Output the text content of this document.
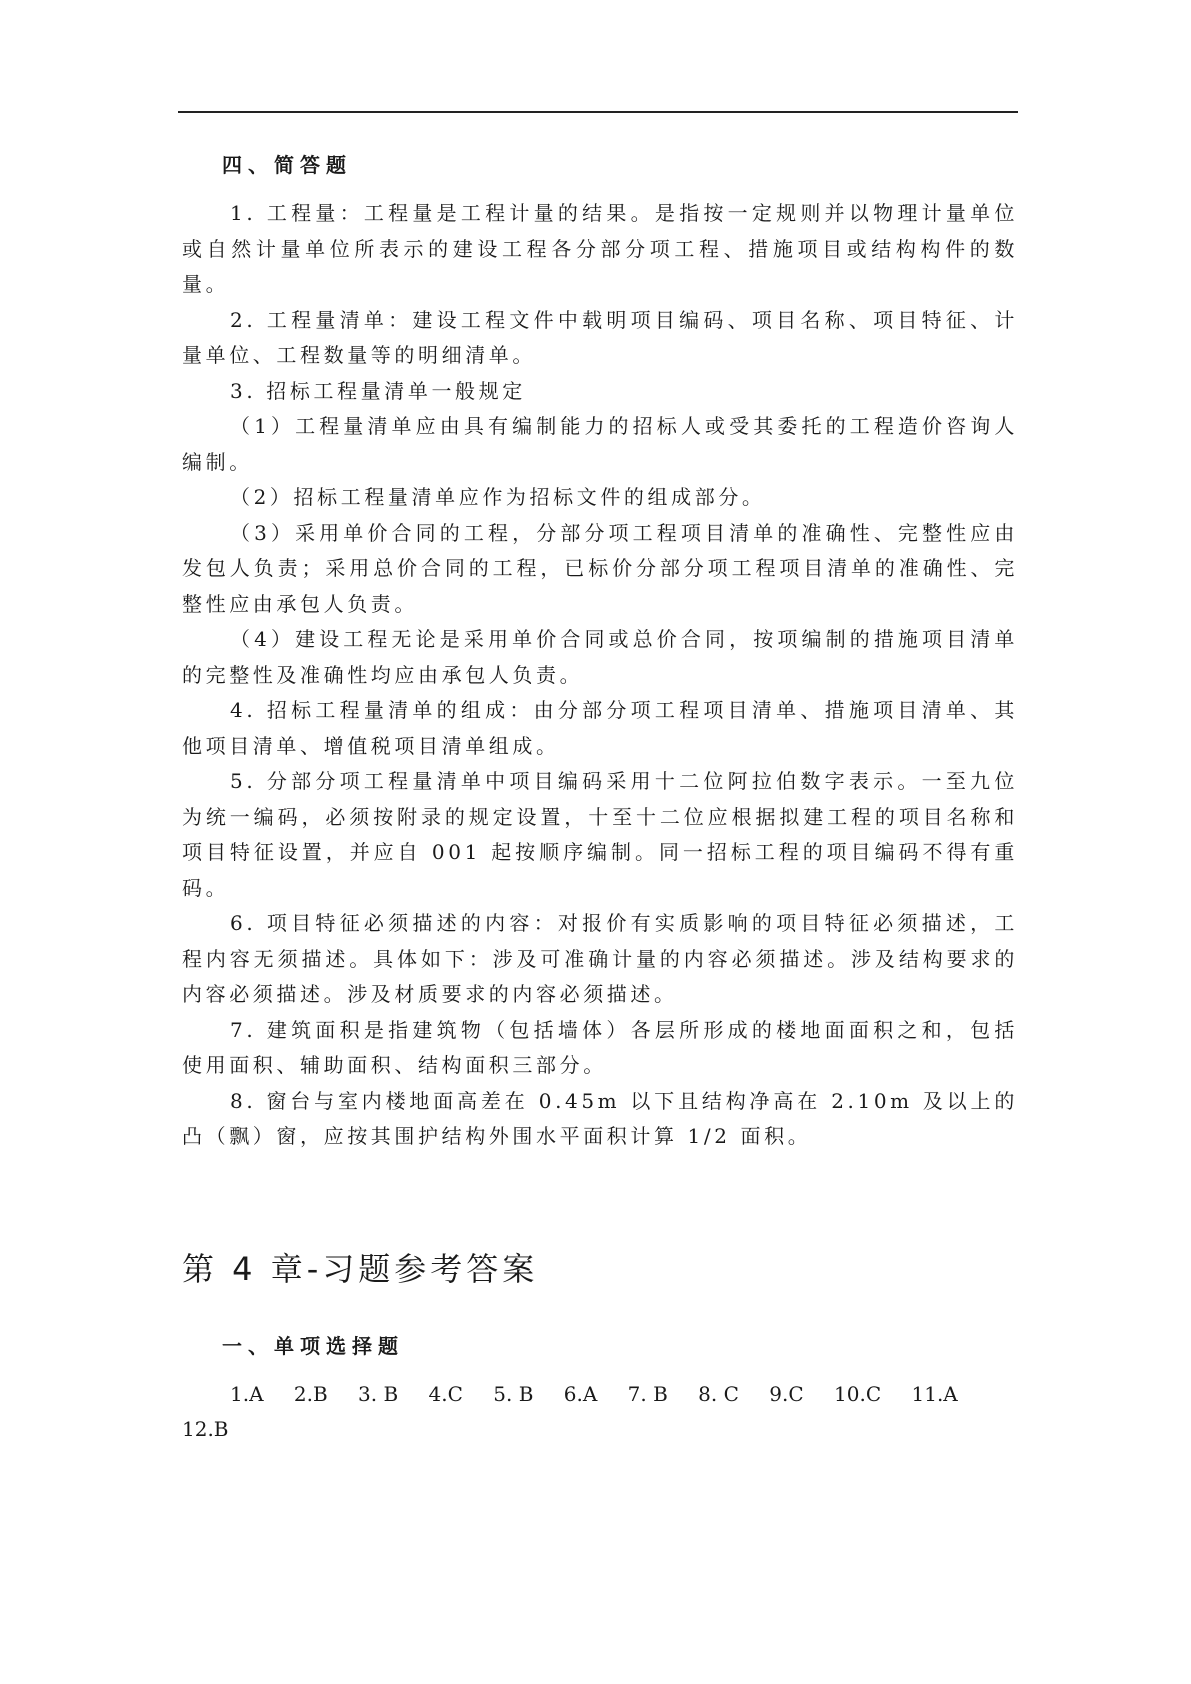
四、简答题

1. 工程量：工程量是工程计量的结果。是指按一定规则并以物理计量单位或自然计量单位所表示的建设工程各分部分项工程、措施项目或结构构件的数量。

2. 工程量清单：建设工程文件中载明项目编码、项目名称、项目特征、计量单位、工程数量等的明细清单。

3. 招标工程量清单一般规定

（1）工程量清单应由具有编制能力的招标人或受其委托的工程造价咨询人编制。

（2）招标工程量清单应作为招标文件的组成部分。

（3）采用单价合同的工程，分部分项工程项目清单的准确性、完整性应由发包人负责；采用总价合同的工程，已标价分部分项工程项目清单的准确性、完整性应由承包人负责。

（4）建设工程无论是采用单价合同或总价合同，按项编制的措施项目清单的完整性及准确性均应由承包人负责。

4. 招标工程量清单的组成：由分部分项工程项目清单、措施项目清单、其他项目清单、增值税项目清单组成。

5. 分部分项工程量清单中项目编码采用十二位阿拉伯数字表示。一至九位为统一编码，必须按附录的规定设置，十至十二位应根据拟建工程的项目名称和项目特征设置，并应自 001 起按顺序编制。同一招标工程的项目编码不得有重码。

6. 项目特征必须描述的内容：对报价有实质影响的项目特征必须描述，工程内容无须描述。具体如下：涉及可准确计量的内容必须描述。涉及结构要求的内容必须描述。涉及材质要求的内容必须描述。

7. 建筑面积是指建筑物（包括墙体）各层所形成的楼地面面积之和，包括使用面积、辅助面积、结构面积三部分。

8. 窗台与室内楼地面高差在 0.45m 以下且结构净高在 2.10m 及以上的凸（飘）窗，应按其围护结构外围水平面积计算 1/2 面积。

第 4 章-习题参考答案
一、单项选择题
1.A 2.B 3. B 4.C 5. B 6.A 7. B 8. C 9.C 10.C 11.A 12.B
